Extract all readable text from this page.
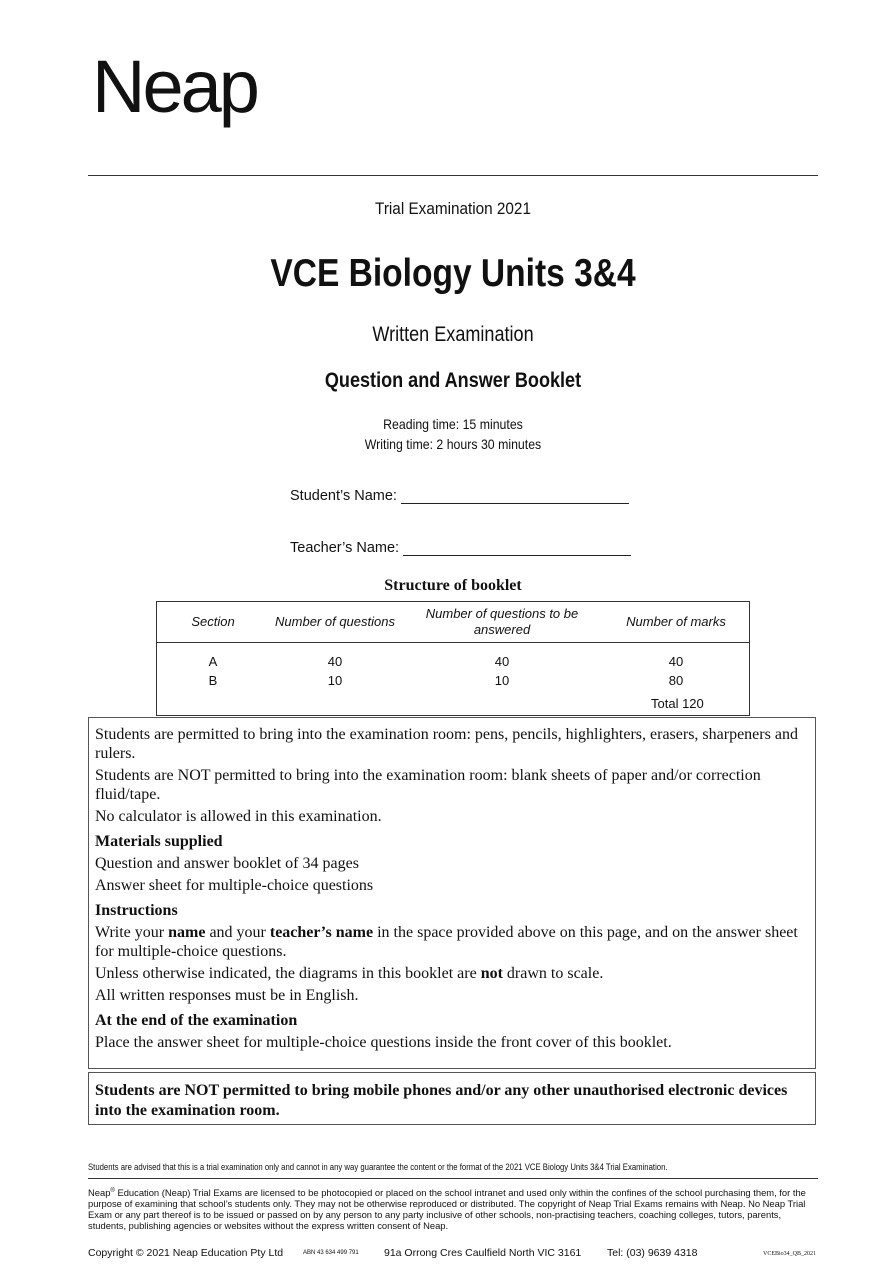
Neap
Trial Examination 2021
VCE Biology Units 3&4
Written Examination
Question and Answer Booklet
Reading time: 15 minutes
Writing time: 2 hours 30 minutes
Student’s Name:
Teacher’s Name:
Structure of booklet
Section	Number of questions	Number of questions to be answered	Number of marks
A	40	40	40
B	10	10	80
			Total 120

Students are permitted to bring into the examination room: pens, pencils, highlighters, erasers, sharpeners and rulers.

Students are NOT permitted to bring into the examination room: blank sheets of paper and/or correction fluid/tape.

No calculator is allowed in this examination.

Materials supplied

Question and answer booklet of 34 pages

Answer sheet for multiple-choice questions

Instructions

Write your name and your teacher’s name in the space provided above on this page, and on the answer sheet for multiple-choice questions.

Unless otherwise indicated, the diagrams in this booklet are not drawn to scale.

All written responses must be in English.

At the end of the examination

Place the answer sheet for multiple-choice questions inside the front cover of this booklet.

Students are NOT permitted to bring mobile phones and/or any other unauthorised electronic devices into the examination room.
Students are advised that this is a trial examination only and cannot in any way guarantee the content or the format of the 2021 VCE Biology Units 3&4 Trial Examination.
Neap® Education (Neap) Trial Exams are licensed to be photocopied or placed on the school intranet and used only within the confines of the school purchasing them, for the purpose of examining that school’s students only. They may not be otherwise reproduced or distributed. The copyright of Neap Trial Exams remains with Neap. No Neap Trial Exam or any part thereof is to be issued or passed on by any person to any party inclusive of other schools, non-practising teachers, coaching colleges, tutors, parents, students, publishing agencies or websites without the express written consent of Neap.
Copyright © 2021 Neap Education Pty Ltd	ABN 43 634 499 791 91a Orrong Cres Caulfield North VIC 3161 Tel: (03) 9639 4318	VCEBio34_QB_2021
